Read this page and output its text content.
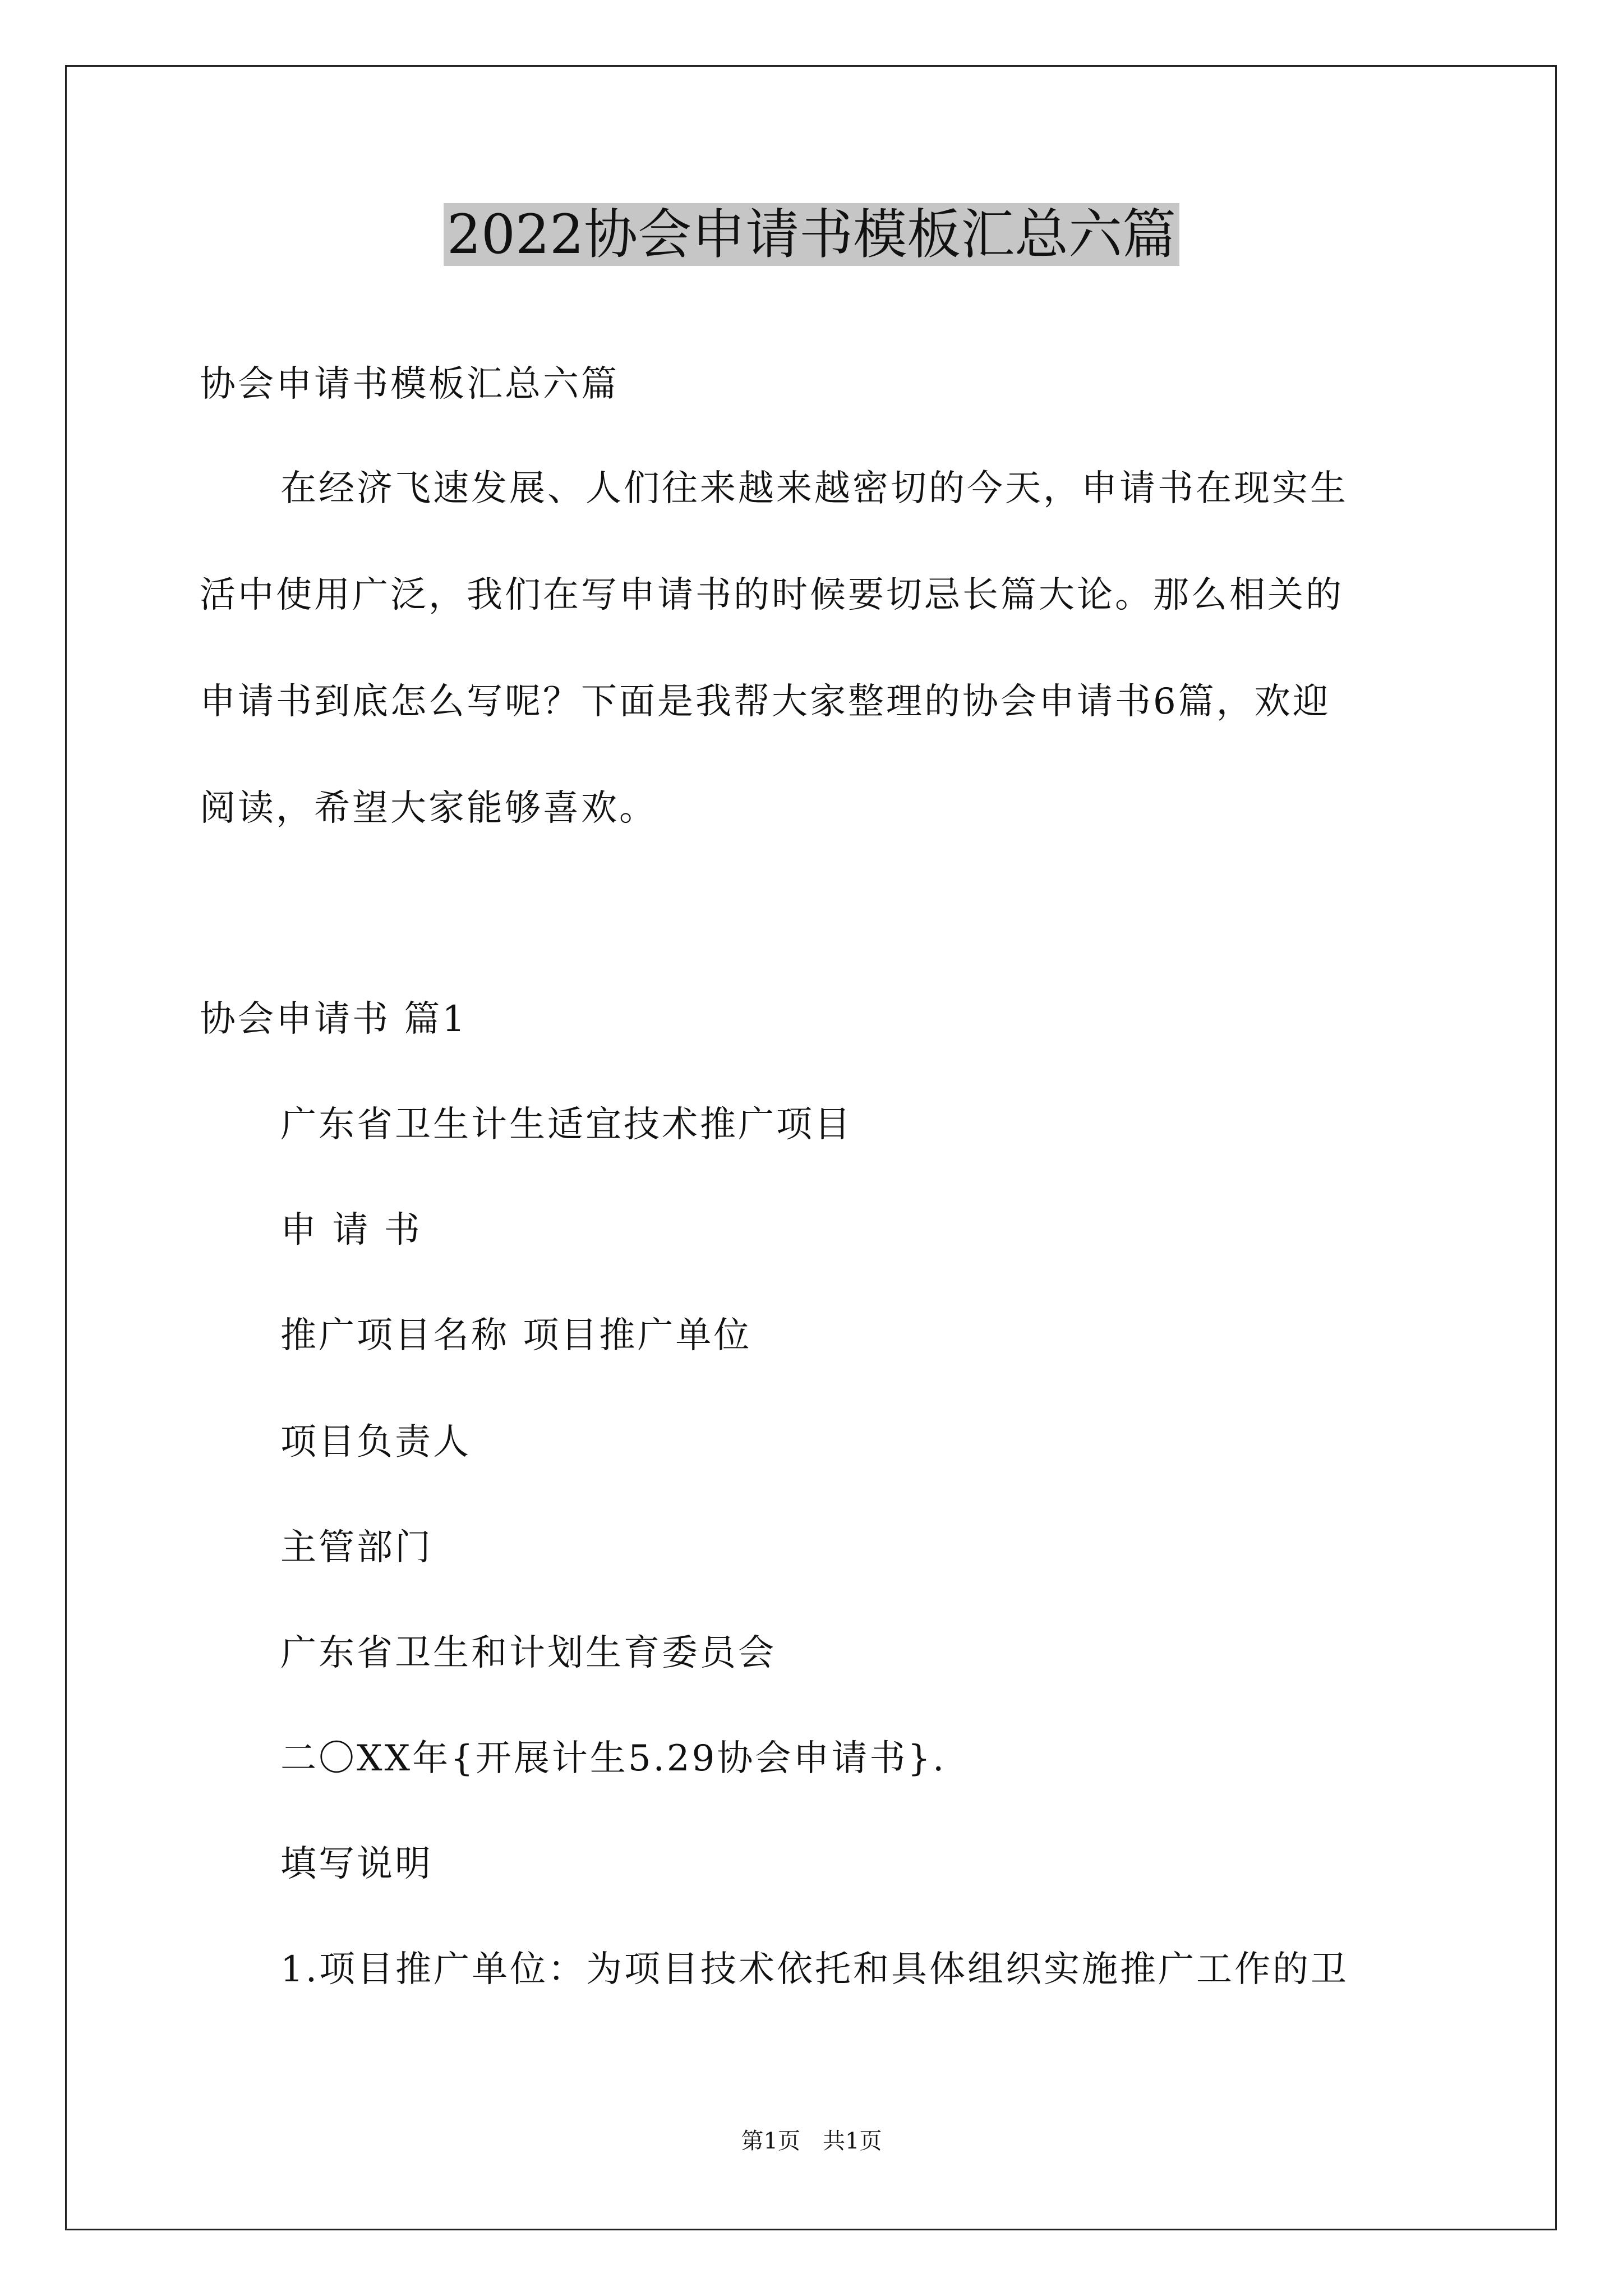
2022协会申请书模板汇总六篇
协会申请书模板汇总六篇
在经济飞速发展、人们往来越来越密切的今天，申请书在现实生
活中使用广泛，我们在写申请书的时候要切忌长篇大论。那么相关的
申请书到底怎么写呢？下面是我帮大家整理的协会申请书6篇，欢迎
阅读，希望大家能够喜欢。
协会申请书 篇1
广东省卫生计生适宜技术推广项目
申 请 书
推广项目名称 项目推广单位
项目负责人
主管部门
广东省卫生和计划生育委员会
二〇XX年{开展计生5.29协会申请书}.
填写说明
1.项目推广单位：为项目技术依托和具体组织实施推广工作的卫
第1页　共1页
